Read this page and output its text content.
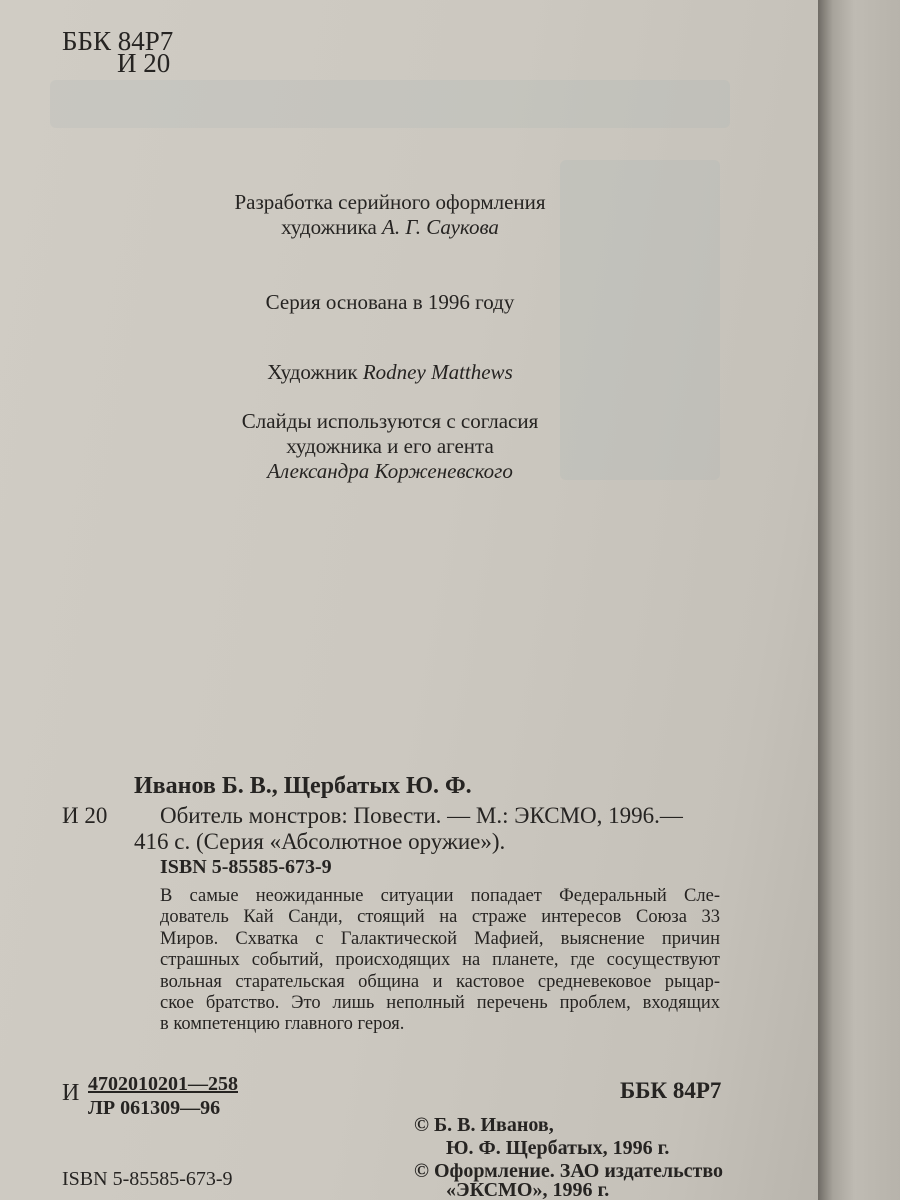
ББК 84Р7
И 20
Разработка серийного оформления
художника А. Г. Саукова
Серия основана в 1996 году
Художник Rodney Matthews
Слайды используются с согласия
художника и его агента
Александра Корженевского
Иванов Б. В., Щербатых Ю. Ф.
И 20 Обитель монстров: Повести. — М.: ЭКСМО, 1996.—
416 с. (Серия «Абсолютное оружие»).
ISBN 5-85585-673-9
В самые неожиданные ситуации попадает Федеральный Сле-
дователь Кай Санди, стоящий на страже интересов Союза 33
Миров. Схватка с Галактической Мафией, выяснение причин
страшных событий, происходящих на планете, где сосуществуют
вольная старательская община и кастовое средневековое рыцар-
ское братство. Это лишь неполный перечень проблем, входящих
в компетенцию главного героя.
И 4702010201—258
ЛР 061309—96
ББК 84Р7
© Б. В. Иванов,
Ю. Ф. Щербатых, 1996 г.
© Оформление. ЗАО издательство
«ЭКСМО», 1996 г.
ISBN 5-85585-673-9
